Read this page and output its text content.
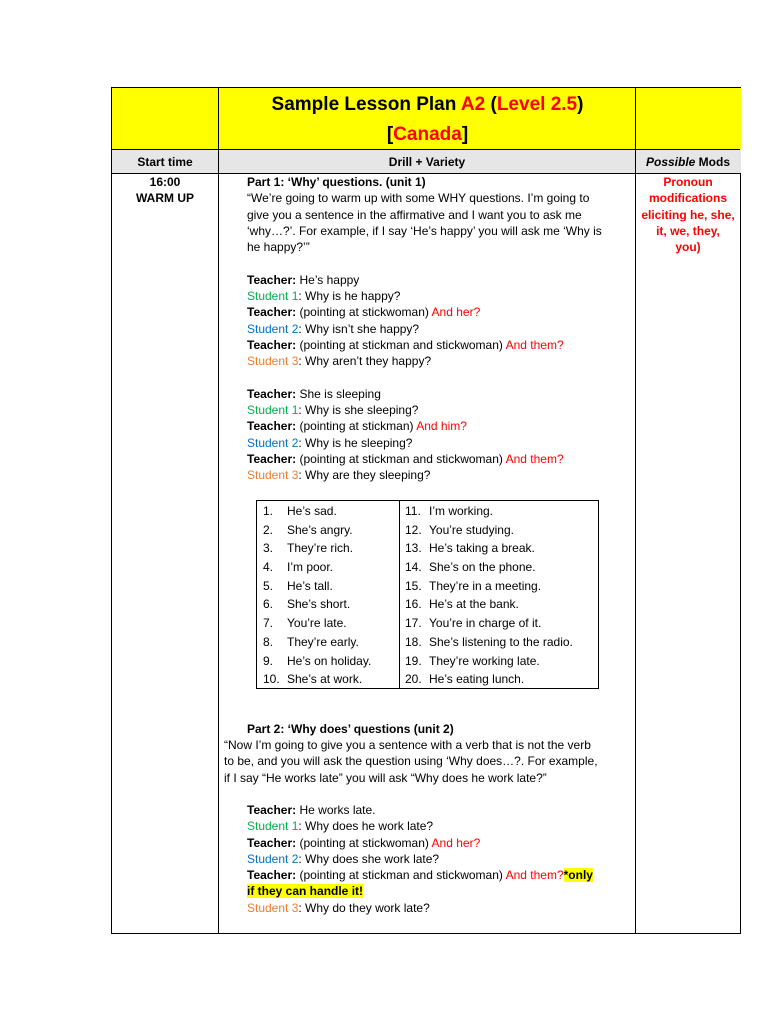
Sample Lesson Plan A2 (Level 2.5)
[Canada]
Start time	Drill + Variety	Possible Mods
16:00
WARM UP
Pronoun
modifications
eliciting he, she,
it, we, they,
you)
Part 1: ‘Why’ questions. (unit 1)
“We’re going to warm up with some WHY questions. I’m going to
give you a sentence in the affirmative and I want you to ask me
‘why…?’. For example, if I say ‘He’s happy’ you will ask me ‘Why is
he happy?’”
Teacher: He’s happy
Student 1: Why is he happy?
Teacher: (pointing at stickwoman) And her?
Student 2: Why isn’t she happy?
Teacher: (pointing at stickman and stickwoman) And them?
Student 3: Why aren’t they happy?
Teacher: She is sleeping
Student 1: Why is she sleeping?
Teacher: (pointing at stickman) And him?
Student 2: Why is he sleeping?
Teacher: (pointing at stickman and stickwoman) And them?
Student 3: Why are they sleeping?
1. He’s sad.
2. She’s angry.
3. They’re rich.
4. I’m poor.
5. He’s tall.
6. She’s short.
7. You’re late.
8. They’re early.
9. He’s on holiday.
10. She’s at work.
11. I’m working.
12. You’re studying.
13. He’s taking a break.
14. She’s on the phone.
15. They’re in a meeting.
16. He’s at the bank.
17. You’re in charge of it.
18. She’s listening to the radio.
19. They’re working late.
20. He’s eating lunch.
Part 2: ‘Why does’ questions (unit 2)
“Now I’m going to give you a sentence with a verb that is not the verb
to be, and you will ask the question using ‘Why does…?. For example,
if I say “He works late” you will ask “Why does he work late?”
Teacher: He works late.
Student 1: Why does he work late?
Teacher: (pointing at stickwoman) And her?
Student 2: Why does she work late?
Teacher: (pointing at stickman and stickwoman) And them?*only
if they can handle it!
Student 3: Why do they work late?
